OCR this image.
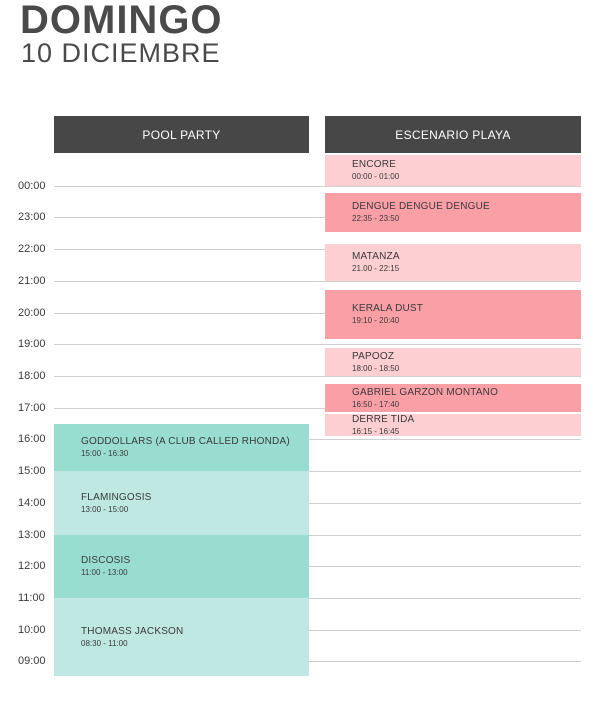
DOMINGO
10 DICIEMBRE
POOL PARTY	ESCENARIO PLAYA
00:00
23:00
22:00
21:00
20:00
19:00
18:00
17:00
16:00
15:00
14:00
13:00
12:00
11:00
10:00
09:00
ENCORE
00:00 - 01:00
DENGUE DENGUE DENGUE
22:35 - 23:50
MATANZA
21.00 - 22:15
KERALA DUST
19:10 - 20:40
PAPOOZ
18:00 - 18:50
GABRIEL GARZON MONTANO
16:50 - 17:40
DERRE TIDA
16:15 - 16:45
GODDOLLARS (A CLUB CALLED RHONDA)
15:00 - 16:30
FLAMINGOSIS
13:00 - 15:00
DISCOSIS
11:00 - 13:00
THOMASS JACKSON
08:30 - 11:00
